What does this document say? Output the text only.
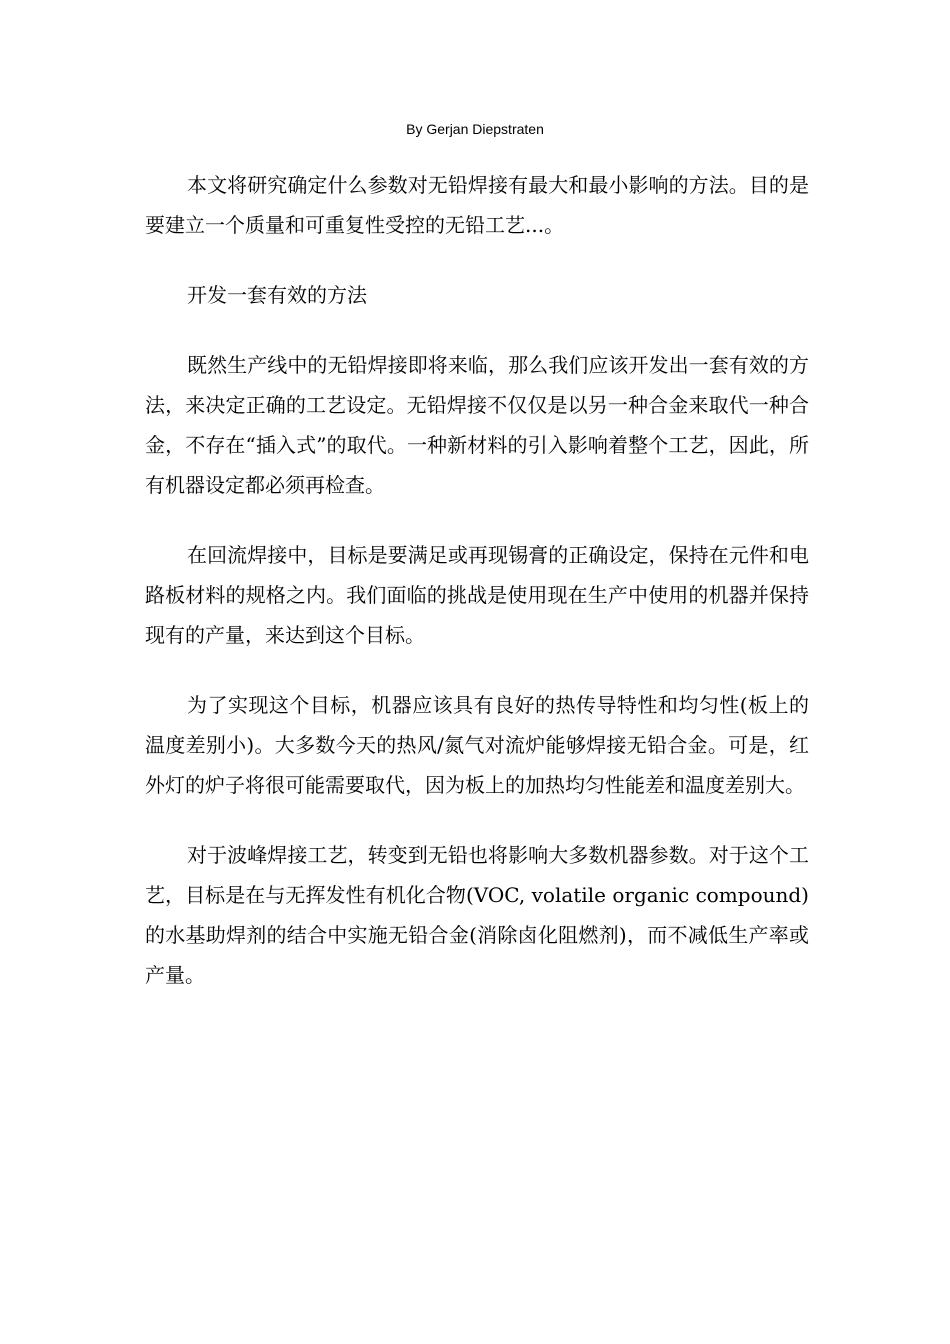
By Gerjan Diepstraten

本文将研究确定什么参数对无铅焊接有最大和最小影响的方法。目的是要建立一个质量和可重复性受控的无铅工艺...。

开发一套有效的方法

既然生产线中的无铅焊接即将来临，那么我们应该开发出一套有效的方法，来决定正确的工艺设定。无铅焊接不仅仅是以另一种合金来取代一种合金，不存在“插入式”的取代。一种新材料的引入影响着整个工艺，因此，所有机器设定都必须再检查。

在回流焊接中，目标是要满足或再现锡膏的正确设定，保持在元件和电路板材料的规格之内。我们面临的挑战是使用现在生产中使用的机器并保持现有的产量，来达到这个目标。

为了实现这个目标，机器应该具有良好的热传导特性和均匀性(板上的温度差别小)。大多数今天的热风/氮气对流炉能够焊接无铅合金。可是，红外灯的炉子将很可能需要取代，因为板上的加热均匀性能差和温度差别大。

对于波峰焊接工艺，转变到无铅也将影响大多数机器参数。对于这个工艺，目标是在与无挥发性有机化合物(VOC, volatile organic compound)的水基助焊剂的结合中实施无铅合金(消除卤化阻燃剂)，而不减低生产率或产量。
